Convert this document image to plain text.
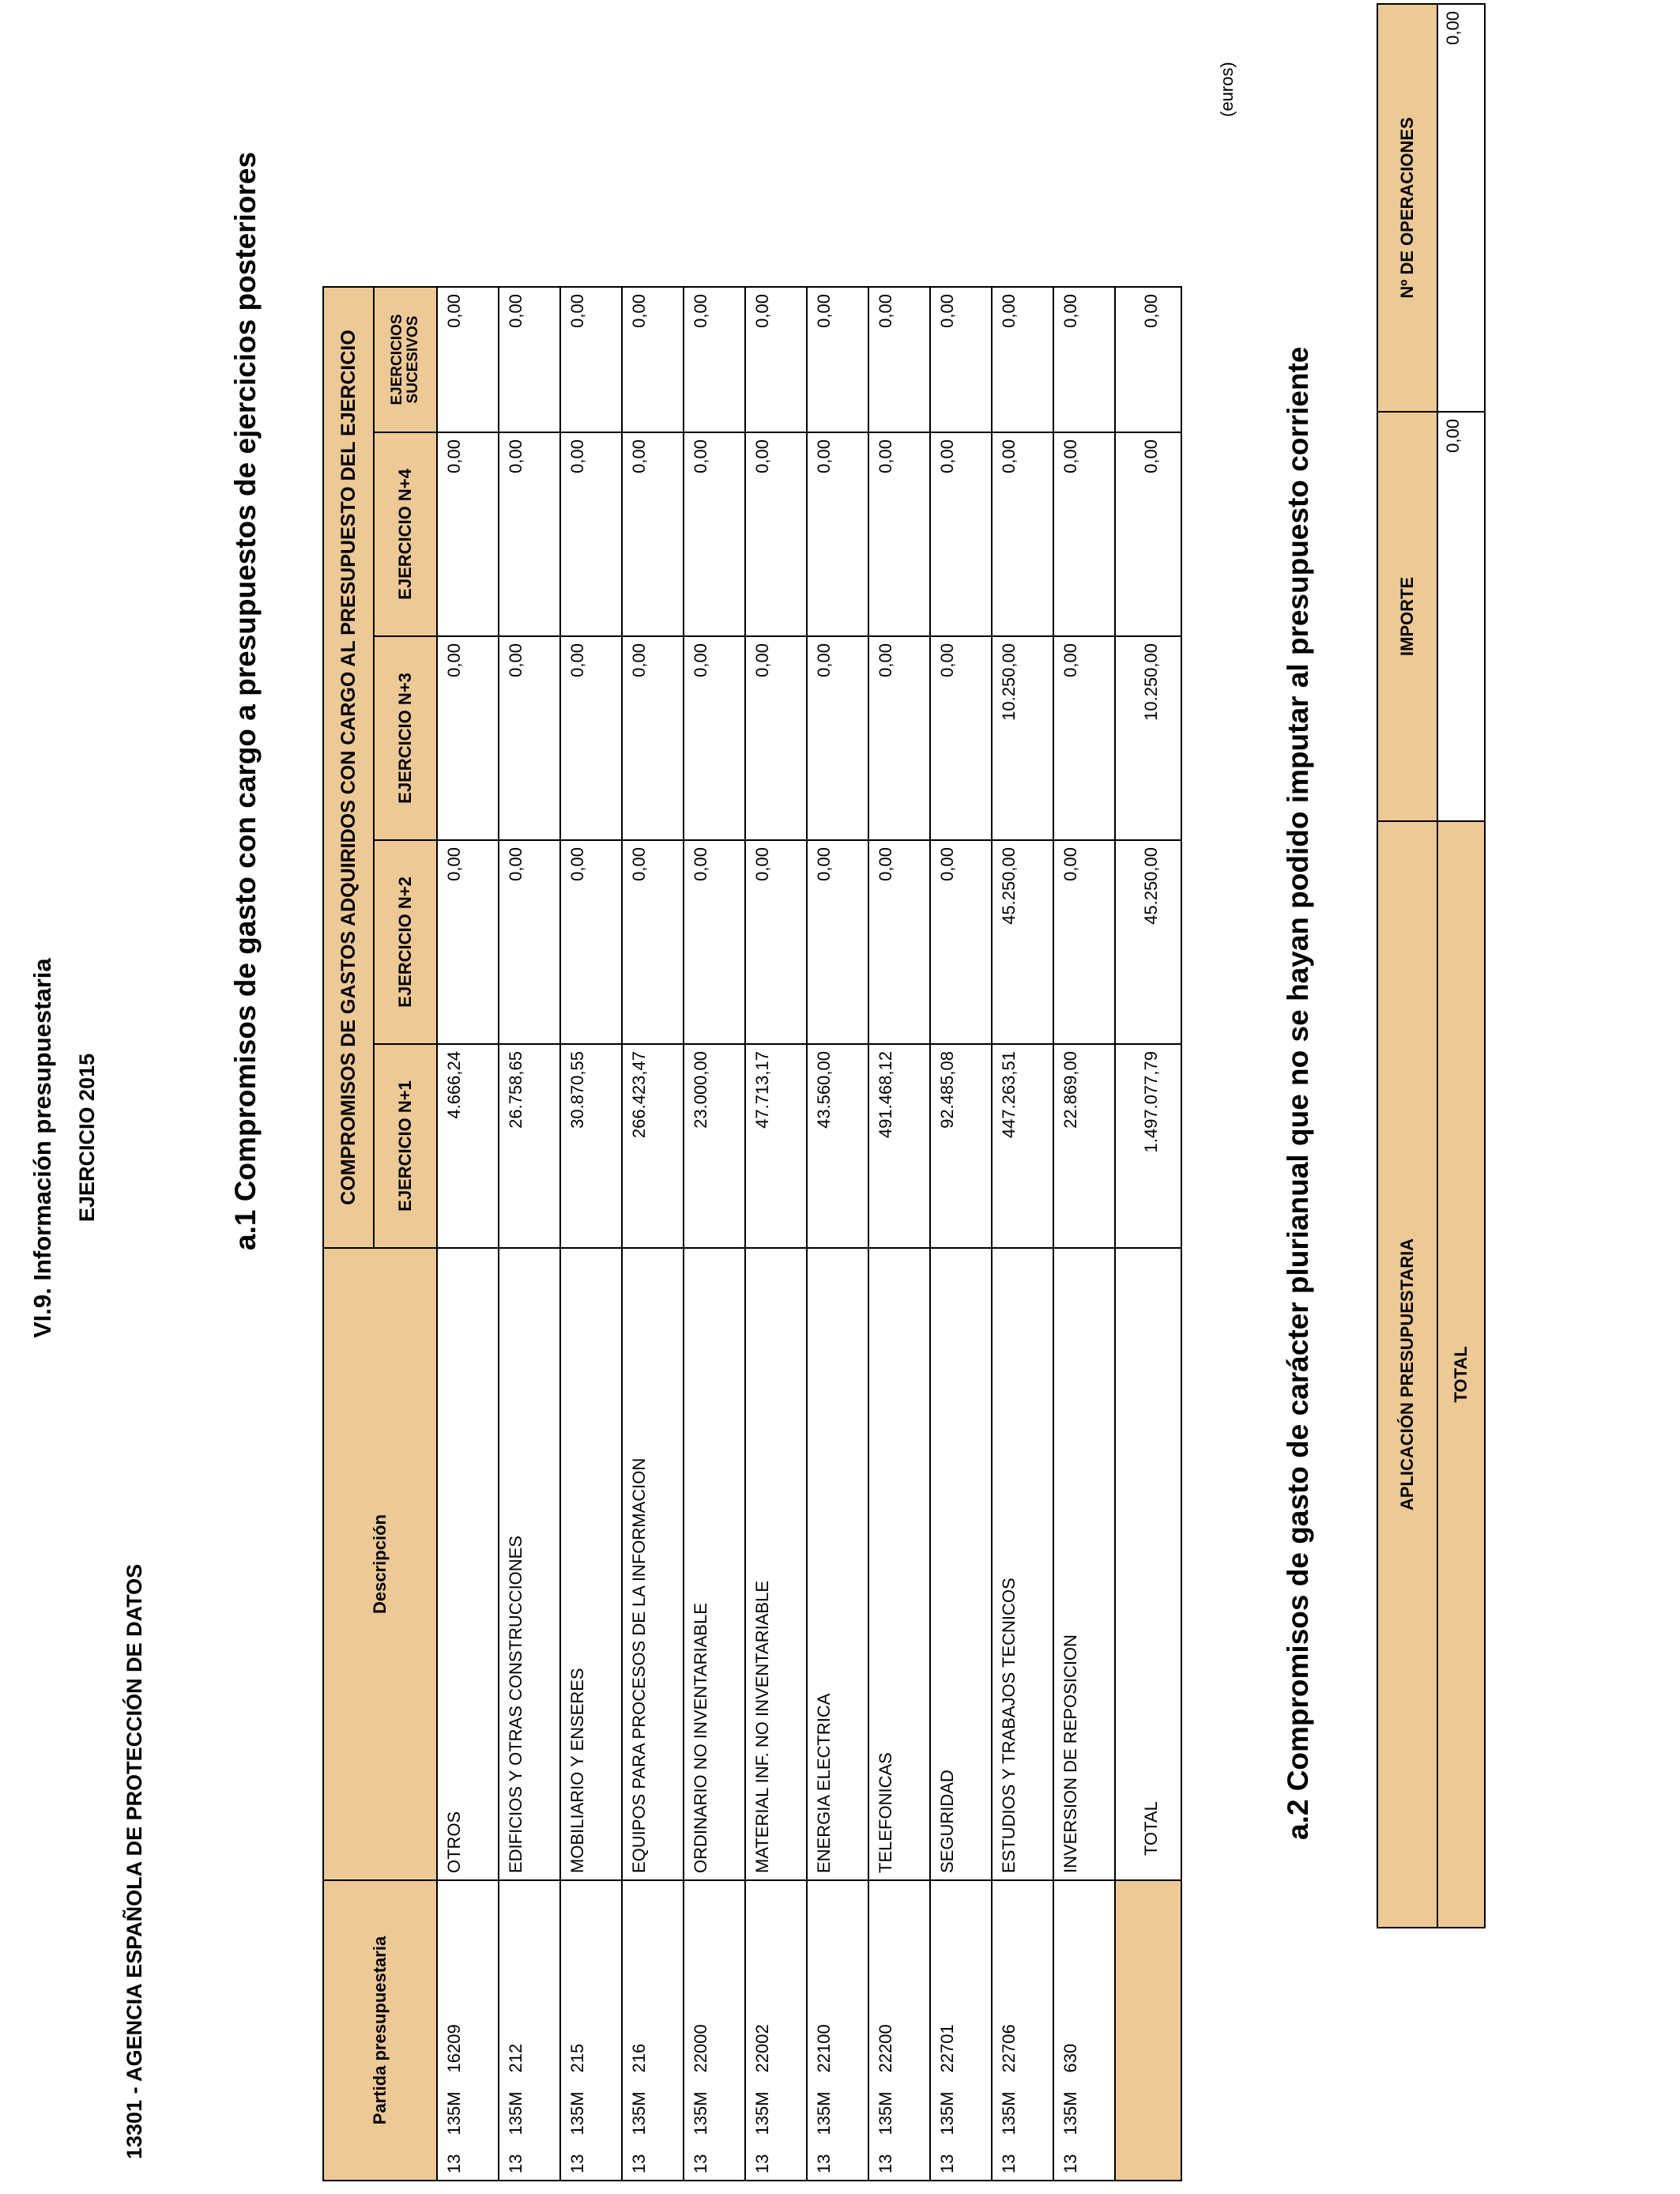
VI.9. Información presupuestaria EJERCICIO 2015
13301 - AGENCIA ESPAÑOLA DE PROTECCIÓN DE DATOS
a.1 Compromisos de gasto con cargo a presupuestos de ejercicios posteriores
(euros)
Partida presupuestaria	Descripción	COMPROMISOS DE GASTOS ADQUIRIDOS CON CARGO AL PRESUPUESTO DEL EJERCICIO				
		EJERCICIO N+1	EJERCICIO N+2	EJERCICIO N+3	EJERCICIO N+4	EJERCICIOS SUCESIVOS

13
135M
16209	OTROS	4.666,24	0,00	0,00	0,00	0,00

13
135M
212	EDIFICIOS Y OTRAS CONSTRUCCIONES	26.758,65	0,00	0,00	0,00	0,00

13
135M
215	MOBILIARIO Y ENSERES	30.870,55	0,00	0,00	0,00	0,00

13
135M
216	EQUIPOS PARA PROCESOS DE LA INFORMACION	266.423,47	0,00	0,00	0,00	0,00

13
135M
22000	ORDINARIO NO INVENTARIABLE	23.000,00	0,00	0,00	0,00	0,00

13
135M
22002	MATERIAL INF. NO INVENTARIABLE	47.713,17	0,00	0,00	0,00	0,00

13
135M
22100	ENERGIA ELECTRICA	43.560,00	0,00	0,00	0,00	0,00

13
135M
22200	TELEFONICAS	491.468,12	0,00	0,00	0,00	0,00

13
135M
22701	SEGURIDAD	92.485,08	0,00	0,00	0,00	0,00

13
135M
22706	ESTUDIOS Y TRABAJOS TECNICOS	447.263,51	45.250,00	10.250,00	0,00	0,00

13
135M
630	INVERSION DE REPOSICION	22.869,00	0,00	0,00	0,00	0,00
	TOTAL	1.497.077,79	45.250,00	10.250,00	0,00	0,00
a.2 Compromisos de gasto de carácter plurianual que no se hayan podido imputar al presupuesto corriente	APLICACIÓN PRESUPUESTARIA	IMPORTE	Nº DE OPERACIONES
TOTAL	0,00	0,00
